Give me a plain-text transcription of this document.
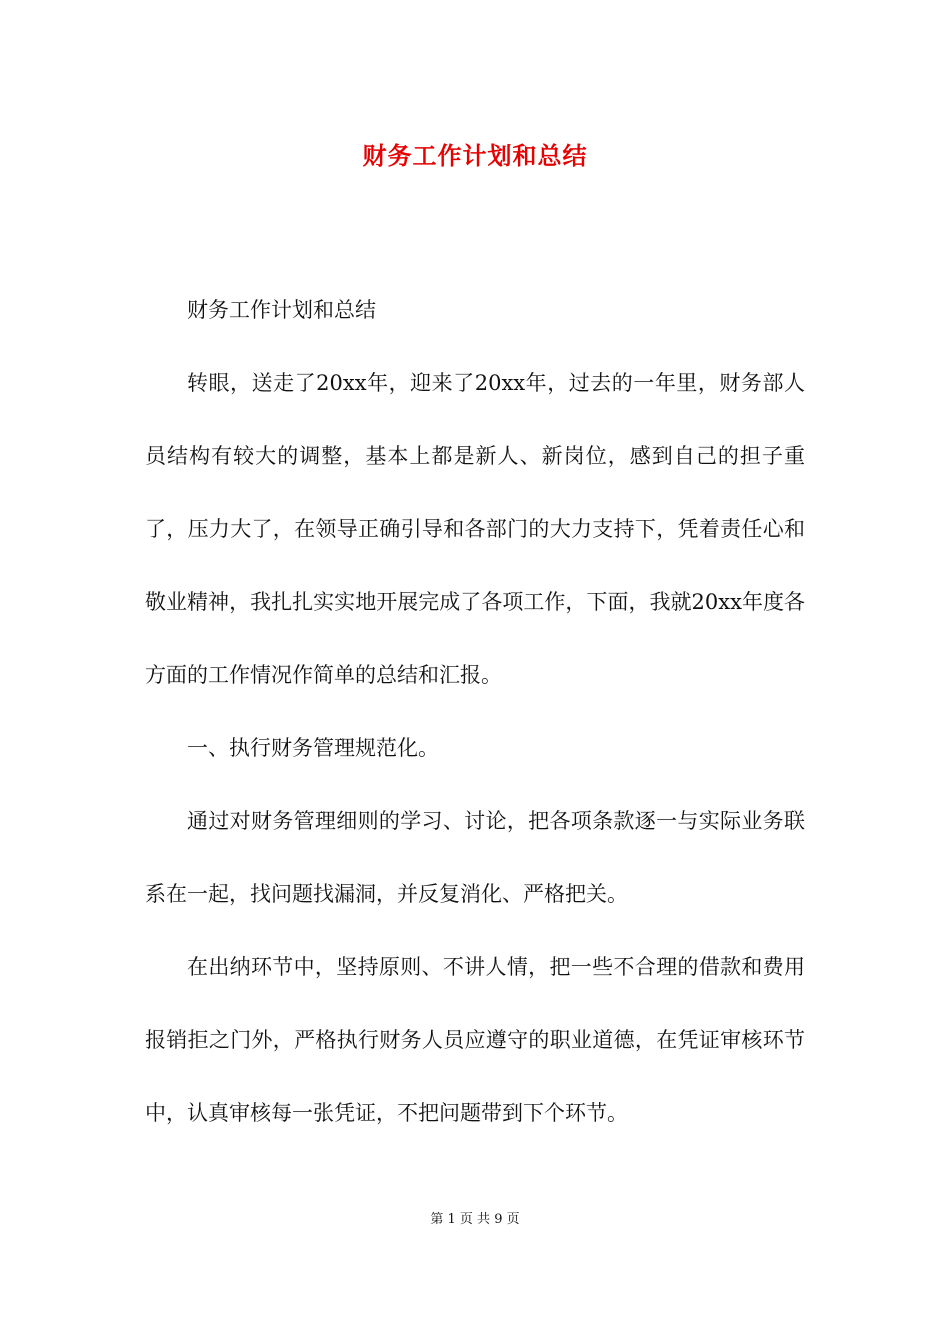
财务工作计划和总结

财务工作计划和总结

转眼，送走了20xx年，迎来了20xx年，过去的一年里，财务部人员结构有较大的调整，基本上都是新人、新岗位，感到自己的担子重了，压力大了，在领导正确引导和各部门的大力支持下，凭着责任心和敬业精神，我扎扎实实地开展完成了各项工作，下面，我就20xx年度各方面的工作情况作简单的总结和汇报。

一、执行财务管理规范化。

通过对财务管理细则的学习、讨论，把各项条款逐一与实际业务联系在一起，找问题找漏洞，并反复消化、严格把关。

在出纳环节中，坚持原则、不讲人情，把一些不合理的借款和费用报销拒之门外，严格执行财务人员应遵守的职业道德，在凭证审核环节中，认真审核每一张凭证，不把问题带到下个环节。

第 1 页 共 9 页
